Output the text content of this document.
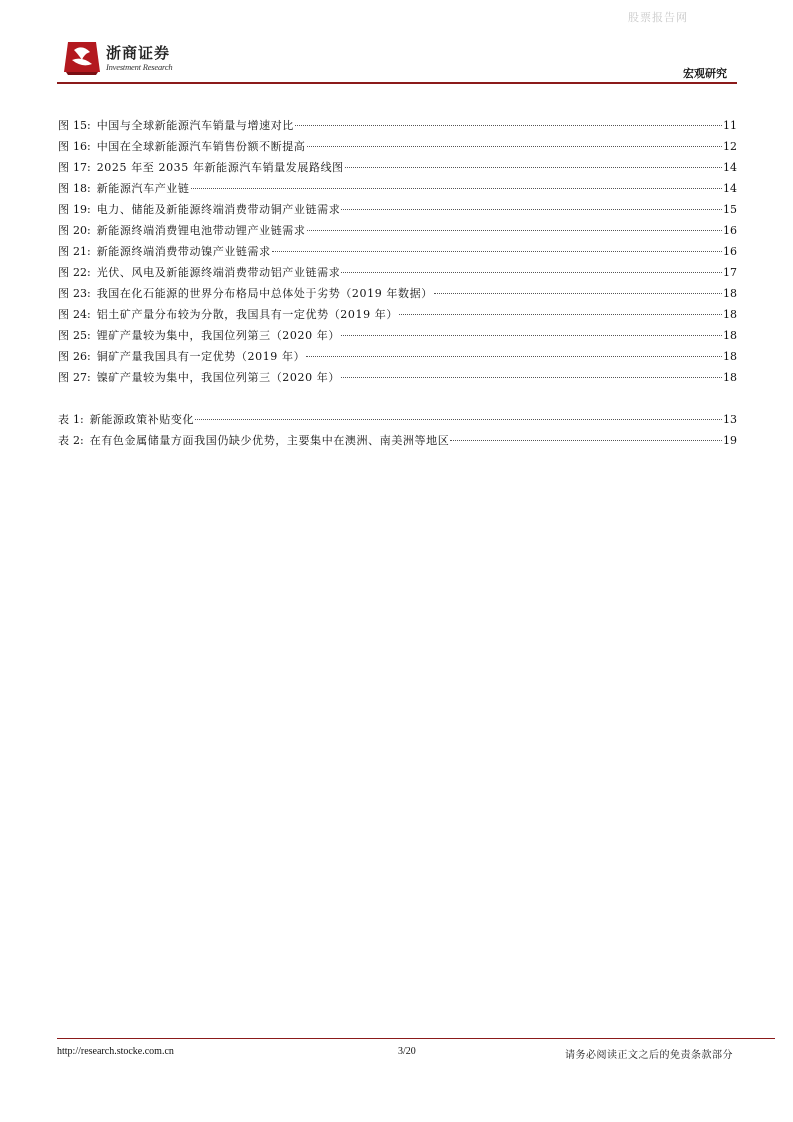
股票报告网
浙商证券
Investment Research	宏观研究
图 15: 中国与全球新能源汽车销量与增速对比	11
图 16: 中国在全球新能源汽车销售份额不断提高	12
图 17: 2025 年至 2035 年新能源汽车销量发展路线图	14
图 18: 新能源汽车产业链	14
图 19: 电力、储能及新能源终端消费带动铜产业链需求	15
图 20: 新能源终端消费锂电池带动锂产业链需求	16
图 21: 新能源终端消费带动镍产业链需求	16
图 22: 光伏、风电及新能源终端消费带动铝产业链需求	17
图 23: 我国在化石能源的世界分布格局中总体处于劣势（2019 年数据）	18
图 24: 铝土矿产量分布较为分散，我国具有一定优势（2019 年）	18
图 25: 锂矿产量较为集中，我国位列第三（2020 年）	18
图 26: 铜矿产量我国具有一定优势（2019 年）	18
图 27: 镍矿产量较为集中，我国位列第三（2020 年）	18
表 1: 新能源政策补贴变化	13
表 2: 在有色金属储量方面我国仍缺少优势，主要集中在澳洲、南美洲等地区	19
http://research.stocke.com.cn	3/20	请务必阅读正文之后的免责条款部分
